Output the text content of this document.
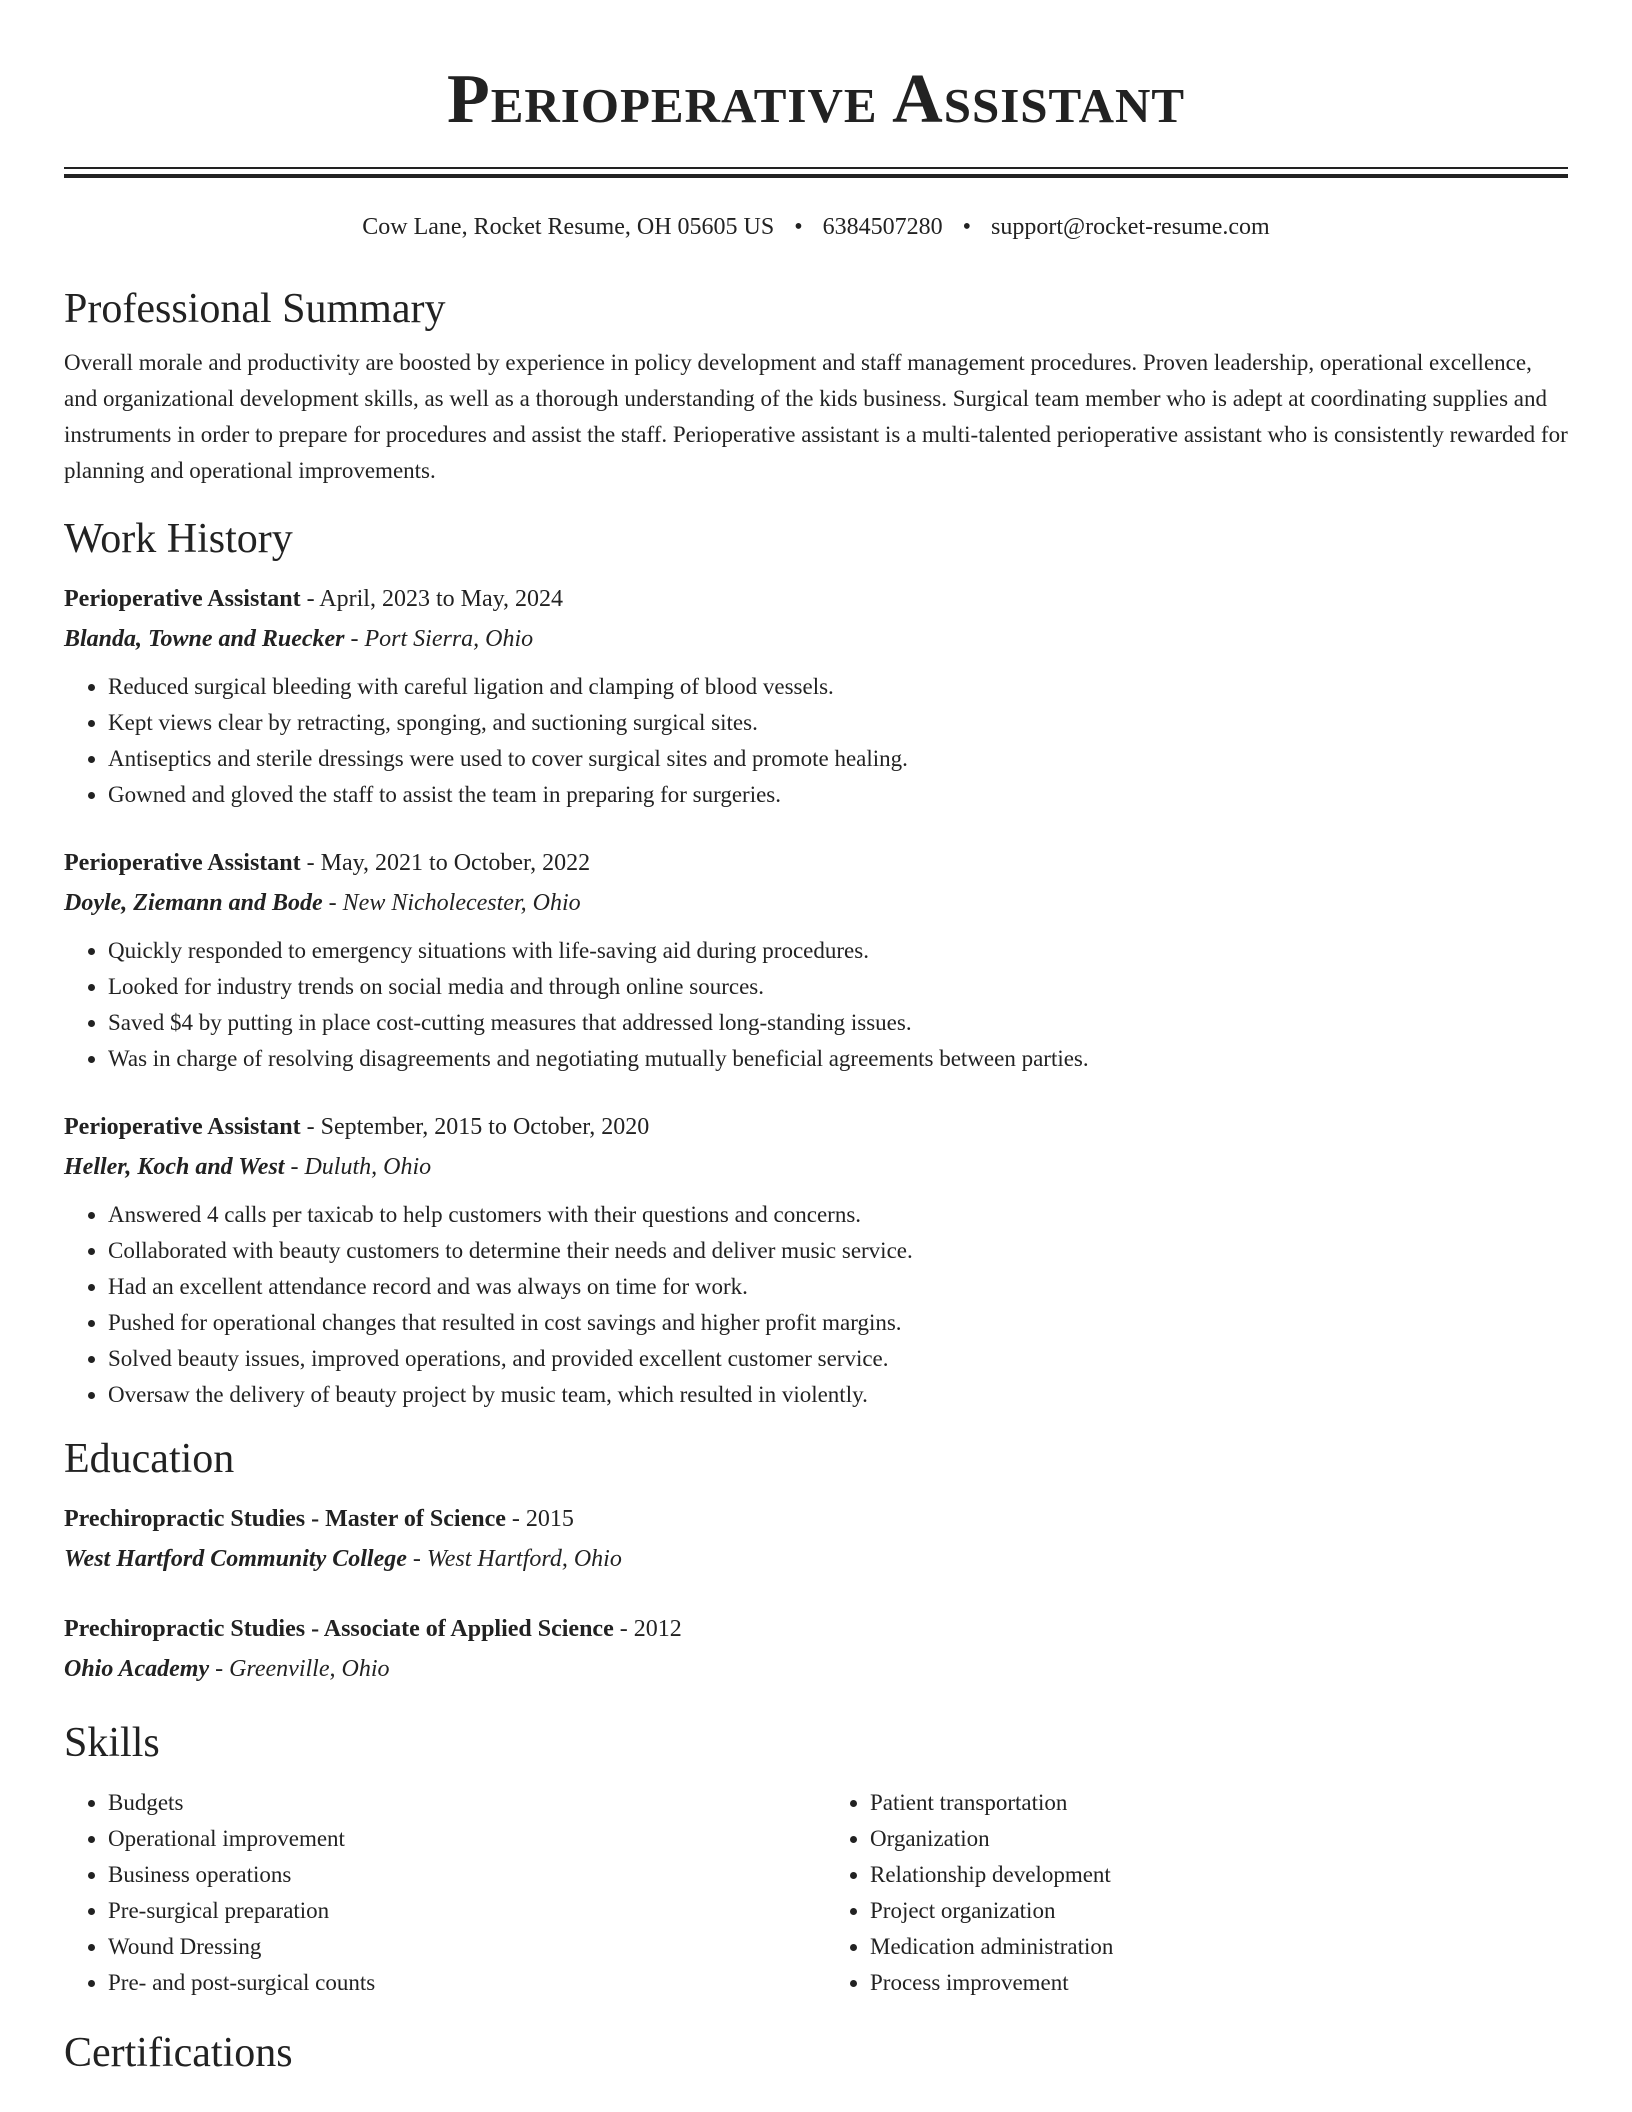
Perioperative Assistant
Cow Lane, Rocket Resume, OH 05605 US • 6384507280 • support@rocket-resume.com
Professional Summary

Overall morale and productivity are boosted by experience in policy development and staff management procedures. Proven leadership, operational excellence, and organizational development skills, as well as a thorough understanding of the kids business. Surgical team member who is adept at coordinating supplies and instruments in order to prepare for procedures and assist the staff. Perioperative assistant is a multi-talented perioperative assistant who is consistently rewarded for planning and operational improvements.

Work History
Perioperative Assistant - April, 2023 to May, 2024
Blanda, Towne and Ruecker - Port Sierra, Ohio
• Reduced surgical bleeding with careful ligation and clamping of blood vessels.
• Kept views clear by retracting, sponging, and suctioning surgical sites.
• Antiseptics and sterile dressings were used to cover surgical sites and promote healing.
• Gowned and gloved the staff to assist the team in preparing for surgeries.
Perioperative Assistant - May, 2021 to October, 2022
Doyle, Ziemann and Bode - New Nicholecester, Ohio
• Quickly responded to emergency situations with life-saving aid during procedures.
• Looked for industry trends on social media and through online sources.
• Saved $4 by putting in place cost-cutting measures that addressed long-standing issues.
• Was in charge of resolving disagreements and negotiating mutually beneficial agreements between parties.
Perioperative Assistant - September, 2015 to October, 2020
Heller, Koch and West - Duluth, Ohio
• Answered 4 calls per taxicab to help customers with their questions and concerns.
• Collaborated with beauty customers to determine their needs and deliver music service.
• Had an excellent attendance record and was always on time for work.
• Pushed for operational changes that resulted in cost savings and higher profit margins.
• Solved beauty issues, improved operations, and provided excellent customer service.
• Oversaw the delivery of beauty project by music team, which resulted in violently.
Education
Prechiropractic Studies - Master of Science - 2015
West Hartford Community College - West Hartford, Ohio
Prechiropractic Studies - Associate of Applied Science - 2012
Ohio Academy - Greenville, Ohio
Skills
• Budgets
• Operational improvement
• Business operations
• Pre-surgical preparation
• Wound Dressing
• Pre- and post-surgical counts
• Patient transportation
• Organization
• Relationship development
• Project organization
• Medication administration
• Process improvement
Certifications
